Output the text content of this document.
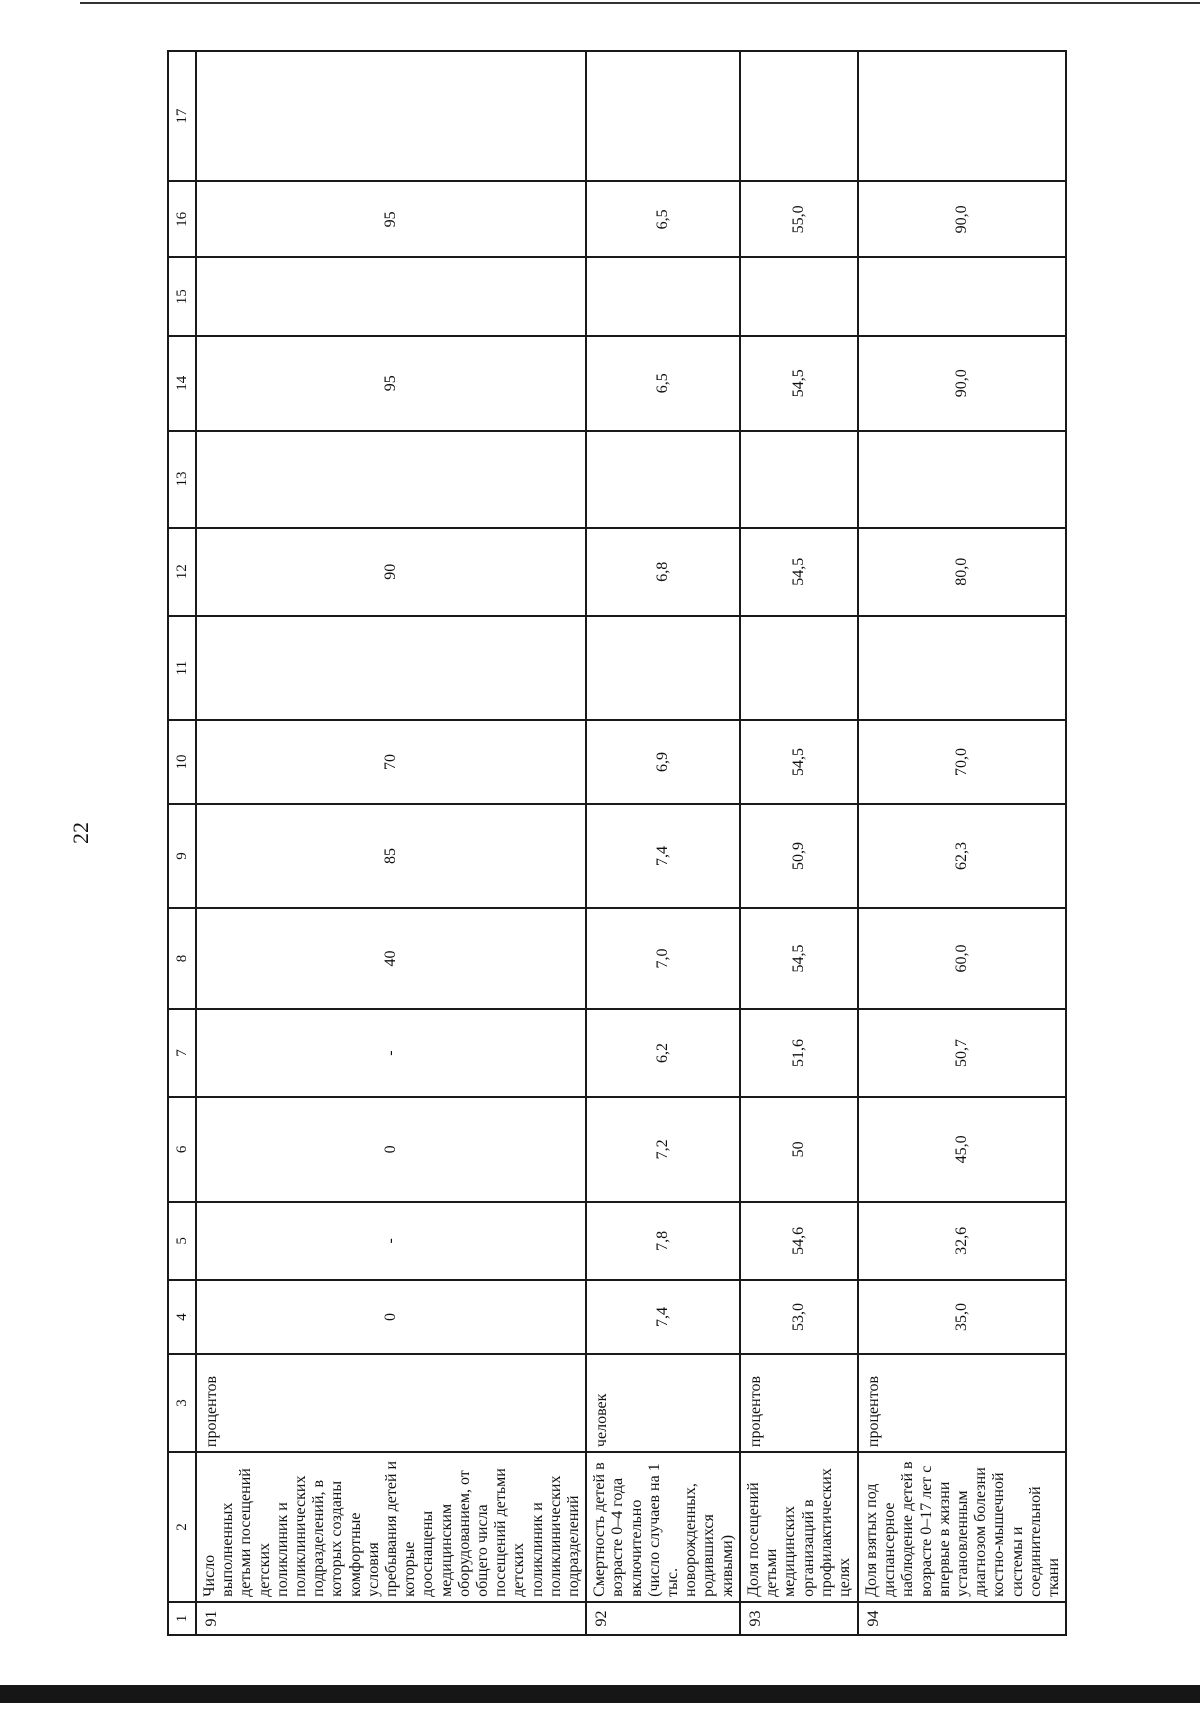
22
1	2	3	4	5	6	7	8	9	10	11	12	13	14	15	16	17
91	Число выполненных детьми посещений детских поликлиник и поликлинических подразделений, в которых созданы комфортные условия пребывания детей и которые дооснащены медицинским оборудованием, от общего числа посещений детьми детских поликлиник и поликлинических подразделений	процентов	0	-	0	-	40	85	70		90		95		95	
92	Смертность детей в возрасте 0–4 года включительно (число случаев на 1 тыс. новорожденных, родившихся живыми)	человек	7,4	7,8	7,2	6,2	7,0	7,4	6,9		6,8		6,5		6,5	
93	Доля посещений детьми медицинских организаций в профилактических целях	процентов	53,0	54,6	50	51,6	54,5	50,9	54,5		54,5		54,5		55,0	
94	Доля взятых под диспансерное наблюдение детей в возрасте 0–17 лет с впервые в жизни установленным диагнозом болезни костно-мышечной системы и соединительной ткани	процентов	35,0	32,6	45,0	50,7	60,0	62,3	70,0		80,0		90,0		90,0	
